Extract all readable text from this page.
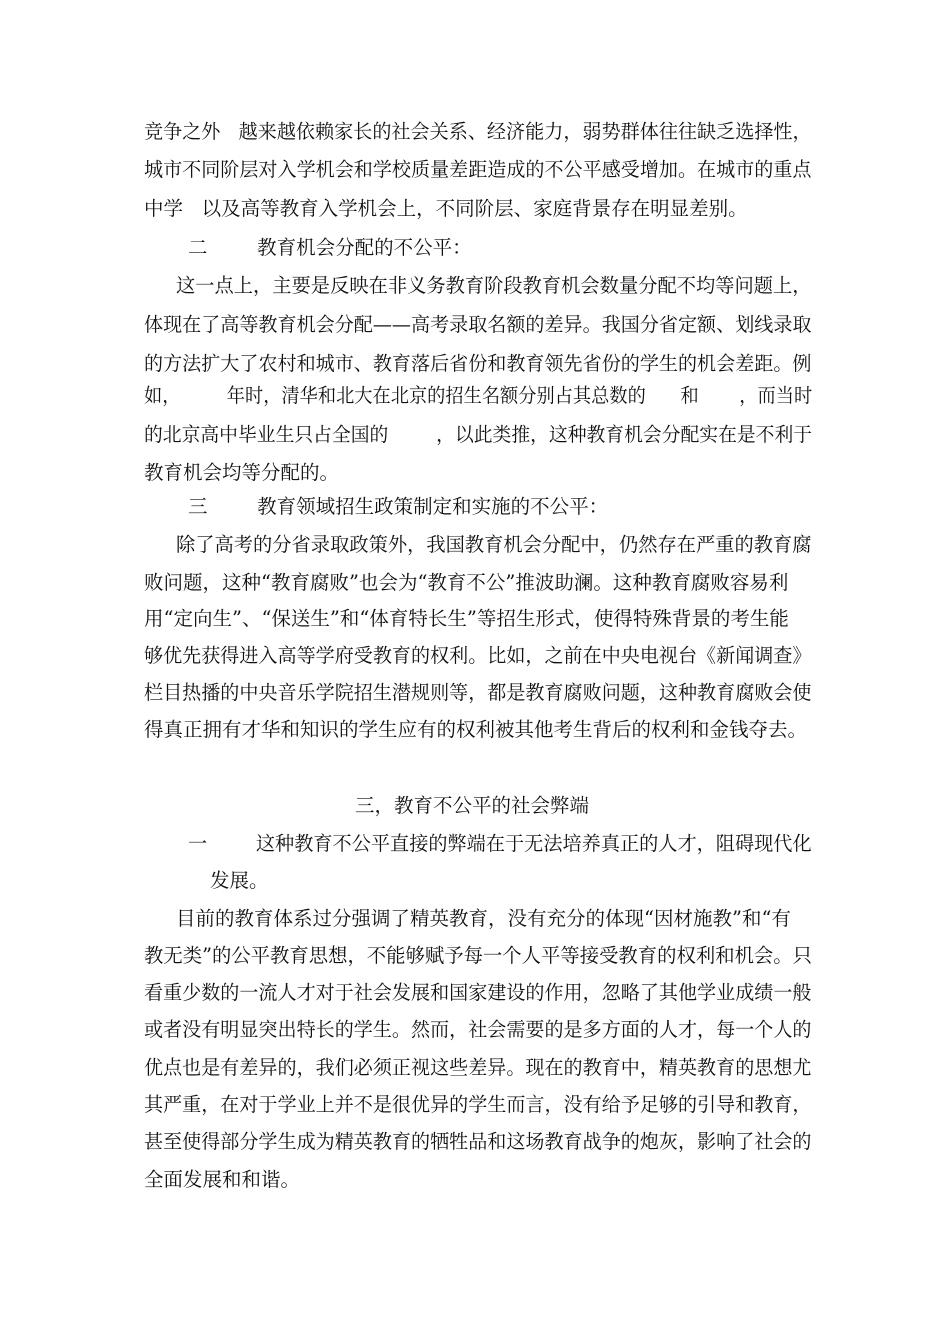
竞争之外   越来越依赖家长的社会关系、经济能力，弱势群体往往缺乏选择性，
城市不同阶层对入学机会和学校质量差距造成的不公平感受增加。在城市的重点
中学   以及高等教育入学机会上，不同阶层、家庭背景存在明显差别。
二        教育机会分配的不公平：
这一点上，主要是反映在非义务教育阶段教育机会数量分配不均等问题上，
体现在了高等教育机会分配——高考录取名额的差异。我国分省定额、划线录取
的方法扩大了农村和城市、教育落后省份和教育领先省份的学生的机会差距。例
如，        年时，清华和北大在北京的招生名额分别占其总数的      和       ，而当时
的北京高中毕业生只占全国的        ，以此类推，这种教育机会分配实在是不利于
教育机会均等分配的。
三        教育领域招生政策制定和实施的不公平：
除了高考的分省录取政策外，我国教育机会分配中，仍然存在严重的教育腐
败问题，这种“教育腐败”也会为“教育不公”推波助澜。这种教育腐败容易利
用“定向生”、“保送生”和“体育特长生”等招生形式，使得特殊背景的考生能
够优先获得进入高等学府受教育的权利。比如，之前在中央电视台《新闻调查》
栏目热播的中央音乐学院招生潜规则等，都是教育腐败问题，这种教育腐败会使
得真正拥有才华和知识的学生应有的权利被其他考生背后的权利和金钱夺去。
三，教育不公平的社会弊端
一        这种教育不公平直接的弊端在于无法培养真正的人才，阻碍现代化
发展。
目前的教育体系过分强调了精英教育，没有充分的体现“因材施教”和“有
教无类”的公平教育思想，不能够赋予每一个人平等接受教育的权利和机会。只
看重少数的一流人才对于社会发展和国家建设的作用，忽略了其他学业成绩一般
或者没有明显突出特长的学生。然而，社会需要的是多方面的人才，每一个人的
优点也是有差异的，我们必须正视这些差异。现在的教育中，精英教育的思想尤
其严重，在对于学业上并不是很优异的学生而言，没有给予足够的引导和教育，
甚至使得部分学生成为精英教育的牺牲品和这场教育战争的炮灰，影响了社会的
全面发展和和谐。
